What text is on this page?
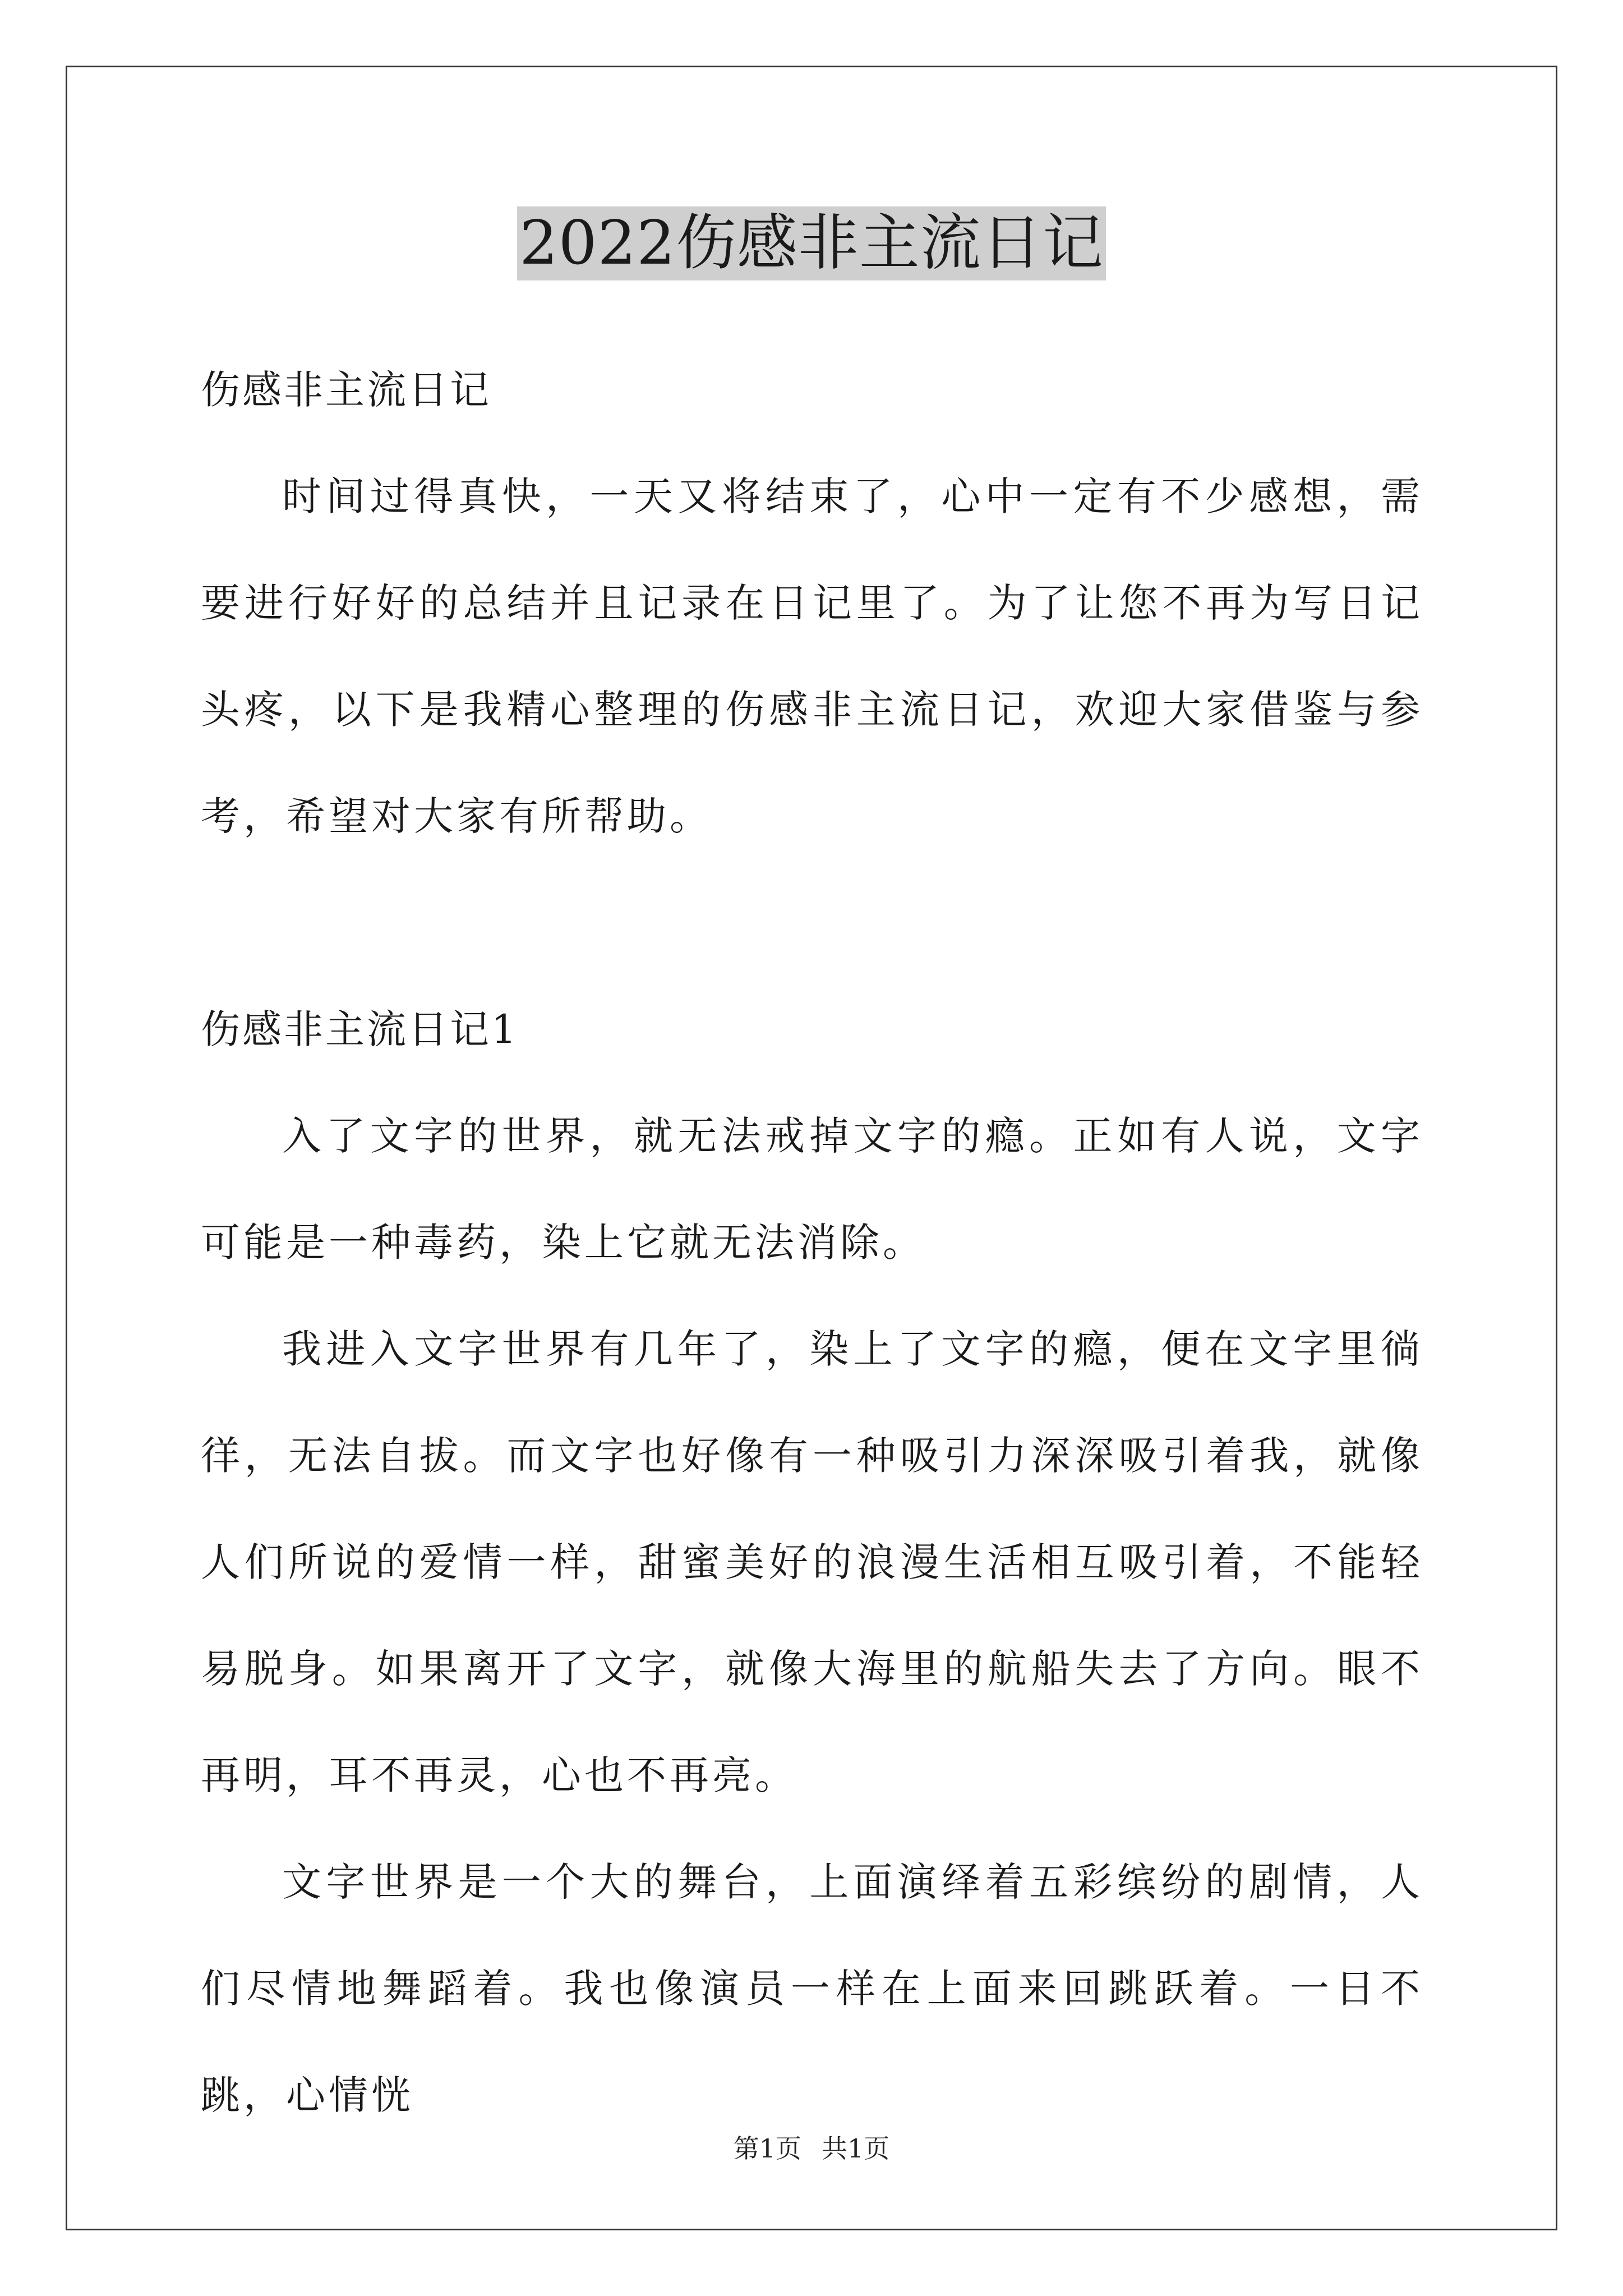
2022伤感非主流日记

伤感非主流日记

时间过得真快，一天又将结束了，心中一定有不少感想，需要进行好好的总结并且记录在日记里了。为了让您不再为写日记头疼，以下是我精心整理的伤感非主流日记，欢迎大家借鉴与参考，希望对大家有所帮助。

伤感非主流日记1

入了文字的世界，就无法戒掉文字的瘾。正如有人说，文字可能是一种毒药，染上它就无法消除。

我进入文字世界有几年了，染上了文字的瘾，便在文字里徜徉，无法自拔。而文字也好像有一种吸引力深深吸引着我，就像人们所说的爱情一样，甜蜜美好的浪漫生活相互吸引着，不能轻易脱身。如果离开了文字，就像大海里的航船失去了方向。眼不再明，耳不再灵，心也不再亮。

文字世界是一个大的舞台，上面演绎着五彩缤纷的剧情，人们尽情地舞蹈着。我也像演员一样在上面来回跳跃着。一日不跳，心情恍

第1页 共1页
